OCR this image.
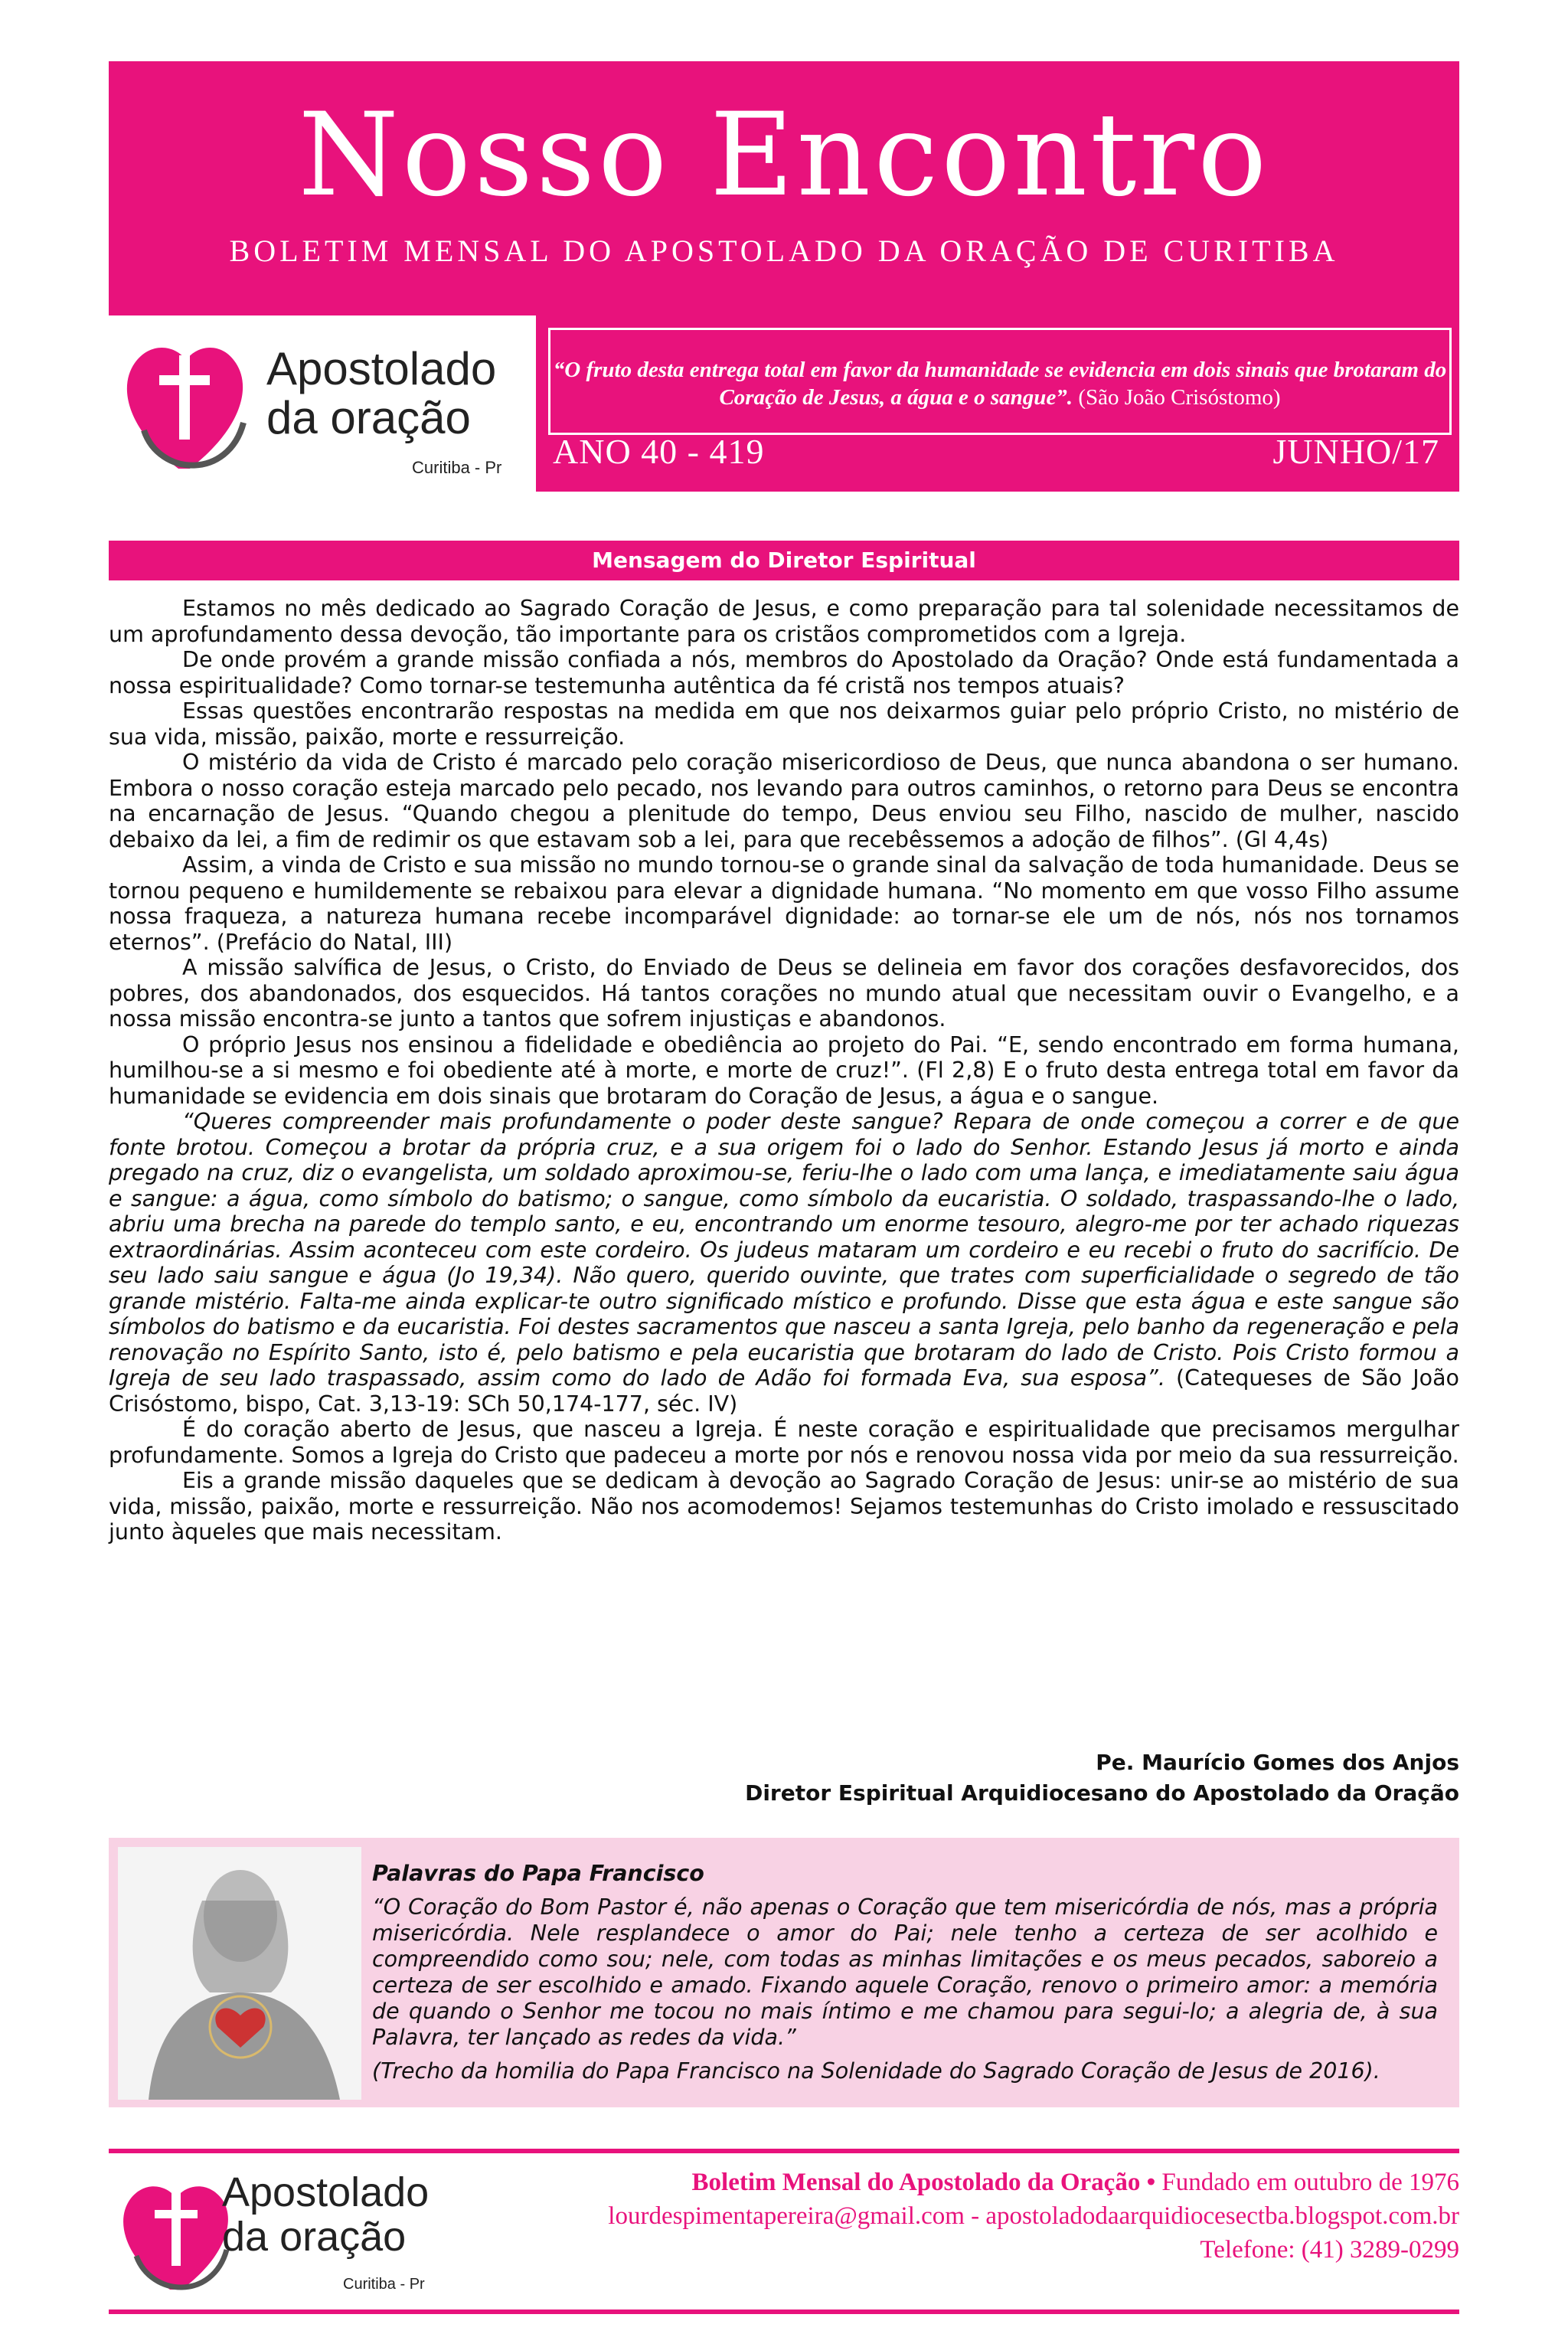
Nosso Encontro
BOLETIM MENSAL DO APOSTOLADO DA ORAÇÃO DE CURITIBA
Apostolado
da oração
Curitiba - Pr
“O fruto desta entrega total em favor da humanidade se evidencia em dois sinais que brotaram do Coração de Jesus, a água e o sangue”. (São João Crisóstomo)
ANO 40 - 419	JUNHO/17
Mensagem do Diretor Espiritual

Estamos no mês dedicado ao Sagrado Coração de Jesus, e como preparação para tal solenidade necessitamos de um aprofundamento dessa devoção, tão importante para os cristãos comprometidos com a Igreja.

De onde provém a grande missão confiada a nós, membros do Apostolado da Oração? Onde está fundamentada a nossa espiritualidade? Como tornar-se testemunha autêntica da fé cristã nos tempos atuais?

Essas questões encontrarão respostas na medida em que nos deixarmos guiar pelo próprio Cristo, no mistério de sua vida, missão, paixão, morte e ressurreição.

O mistério da vida de Cristo é marcado pelo coração misericordioso de Deus, que nunca abandona o ser humano. Embora o nosso coração esteja marcado pelo pecado, nos levando para outros caminhos, o retorno para Deus se encontra na encarnação de Jesus. “Quando chegou a plenitude do tempo, Deus enviou seu Filho, nascido de mulher, nascido debaixo da lei, a fim de redimir os que estavam sob a lei, para que recebêssemos a adoção de filhos”. (Gl 4,4s)

Assim, a vinda de Cristo e sua missão no mundo tornou-se o grande sinal da salvação de toda humanidade. Deus se tornou pequeno e humildemente se rebaixou para elevar a dignidade humana. “No momento em que vosso Filho assume nossa fraqueza, a natureza humana recebe incomparável dignidade: ao tornar-se ele um de nós, nós nos tornamos eternos”. (Prefácio do Natal, III)

A missão salvífica de Jesus, o Cristo, do Enviado de Deus se delineia em favor dos corações desfavorecidos, dos pobres, dos abandonados, dos esquecidos. Há tantos corações no mundo atual que necessitam ouvir o Evangelho, e a nossa missão encontra-se junto a tantos que sofrem injustiças e abandonos.

O próprio Jesus nos ensinou a fidelidade e obediência ao projeto do Pai. “E, sendo encontrado em forma humana, humilhou-se a si mesmo e foi obediente até à morte, e morte de cruz!”. (Fl 2,8) E o fruto desta entrega total em favor da humanidade se evidencia em dois sinais que brotaram do Coração de Jesus, a água e o sangue.

“Queres compreender mais profundamente o poder deste sangue? Repara de onde começou a correr e de que fonte brotou. Começou a brotar da própria cruz, e a sua origem foi o lado do Senhor. Estando Jesus já morto e ainda pregado na cruz, diz o evangelista, um soldado aproximou-se, feriu-lhe o lado com uma lança, e imediatamente saiu água e sangue: a água, como símbolo do batismo; o sangue, como símbolo da eucaristia. O soldado, traspassando-lhe o lado, abriu uma brecha na parede do templo santo, e eu, encontrando um enorme tesouro, alegro-me por ter achado riquezas extraordinárias. Assim aconteceu com este cordeiro. Os judeus mataram um cordeiro e eu recebi o fruto do sacrifício. De seu lado saiu sangue e água (Jo 19,34). Não quero, querido ouvinte, que trates com superficialidade o segredo de tão grande mistério. Falta-me ainda explicar-te outro significado místico e profundo. Disse que esta água e este sangue são símbolos do batismo e da eucaristia. Foi destes sacramentos que nasceu a santa Igreja, pelo banho da regeneração e pela renovação no Espírito Santo, isto é, pelo batismo e pela eucaristia que brotaram do lado de Cristo. Pois Cristo formou a Igreja de seu lado traspassado, assim como do lado de Adão foi formada Eva, sua esposa”. (Catequeses de São João Crisóstomo, bispo, Cat. 3,13-19: SCh 50,174-177, séc. IV)

É do coração aberto de Jesus, que nasceu a Igreja. É neste coração e espiritualidade que precisamos mergulhar profundamente. Somos a Igreja do Cristo que padeceu a morte por nós e renovou nossa vida por meio da sua ressurreição.

Eis a grande missão daqueles que se dedicam à devoção ao Sagrado Coração de Jesus: unir-se ao mistério de sua vida, missão, paixão, morte e ressurreição. Não nos acomodemos! Sejamos testemunhas do Cristo imolado e ressuscitado junto àqueles que mais necessitam.

Pe. Maurício Gomes dos Anjos
Diretor Espiritual Arquidiocesano do Apostolado da Oração
Palavras do Papa Francisco
“O Coração do Bom Pastor é, não apenas o Coração que tem misericórdia de nós, mas a própria misericórdia. Nele resplandece o amor do Pai; nele tenho a certeza de ser acolhido e compreendido como sou; nele, com todas as minhas limitações e os meus pecados, saboreio a certeza de ser escolhido e amado. Fixando aquele Coração, renovo o primeiro amor: a memória de quando o Senhor me tocou no mais íntimo e me chamou para segui-lo; a alegria de, à sua Palavra, ter lançado as redes da vida.”
(Trecho da homilia do Papa Francisco na Solenidade do Sagrado Coração de Jesus de 2016).
Apostolado
da oração
Curitiba - Pr
Boletim Mensal do Apostolado da Oração • Fundado em outubro de 1976
lourdespimentapereira@gmail.com - apostoladodaarquidiocesectba.blogspot.com.br
Telefone: (41) 3289-0299
